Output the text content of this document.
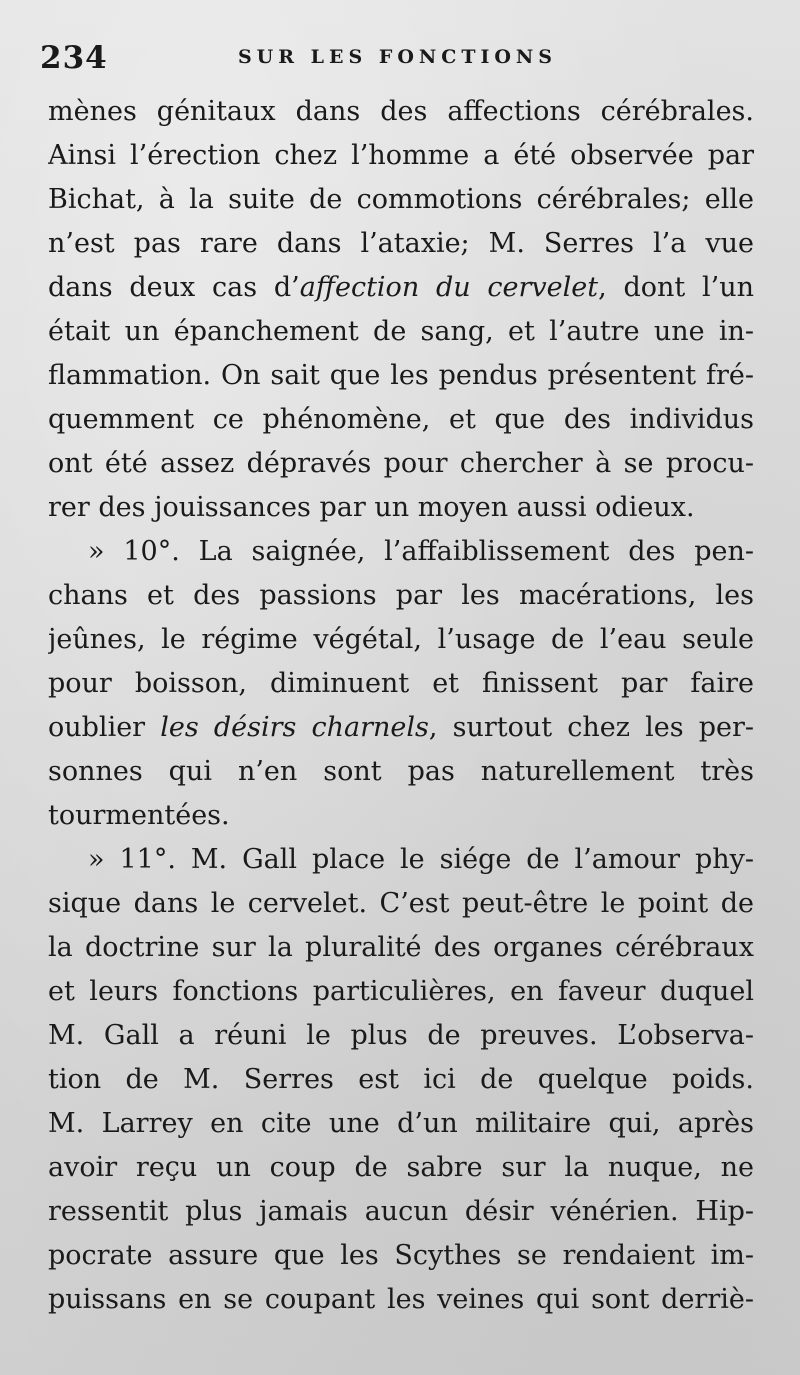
234	SUR LES FONCTIONS
mènes génitaux dans des affections cérébrales.
Ainsi l’érection chez l’homme a été observée par
Bichat, à la suite de commotions cérébrales; elle
n’est pas rare dans l’ataxie; M. Serres l’a vue
dans deux cas d’affection du cervelet, dont l’un
était un épanchement de sang, et l’autre une in-
flammation. On sait que les pendus présentent fré-
quemment ce phénomène, et que des individus
ont été assez dépravés pour chercher à se procu-
rer des jouissances par un moyen aussi odieux.
» 10°. La saignée, l’affaiblissement des pen-
chans et des passions par les macérations, les
jeûnes, le régime végétal, l’usage de l’eau seule
pour boisson, diminuent et finissent par faire
oublier les désirs charnels, surtout chez les per-
sonnes qui n’en sont pas naturellement très
tourmentées.
» 11°. M. Gall place le siége de l’amour phy-
sique dans le cervelet. C’est peut-être le point de
la doctrine sur la pluralité des organes cérébraux
et leurs fonctions particulières, en faveur duquel
M. Gall a réuni le plus de preuves. L’observa-
tion de M. Serres est ici de quelque poids.
M. Larrey en cite une d’un militaire qui, après
avoir reçu un coup de sabre sur la nuque, ne
ressentit plus jamais aucun désir vénérien. Hip-
pocrate assure que les Scythes se rendaient im-
puissans en se coupant les veines qui sont derriè-
